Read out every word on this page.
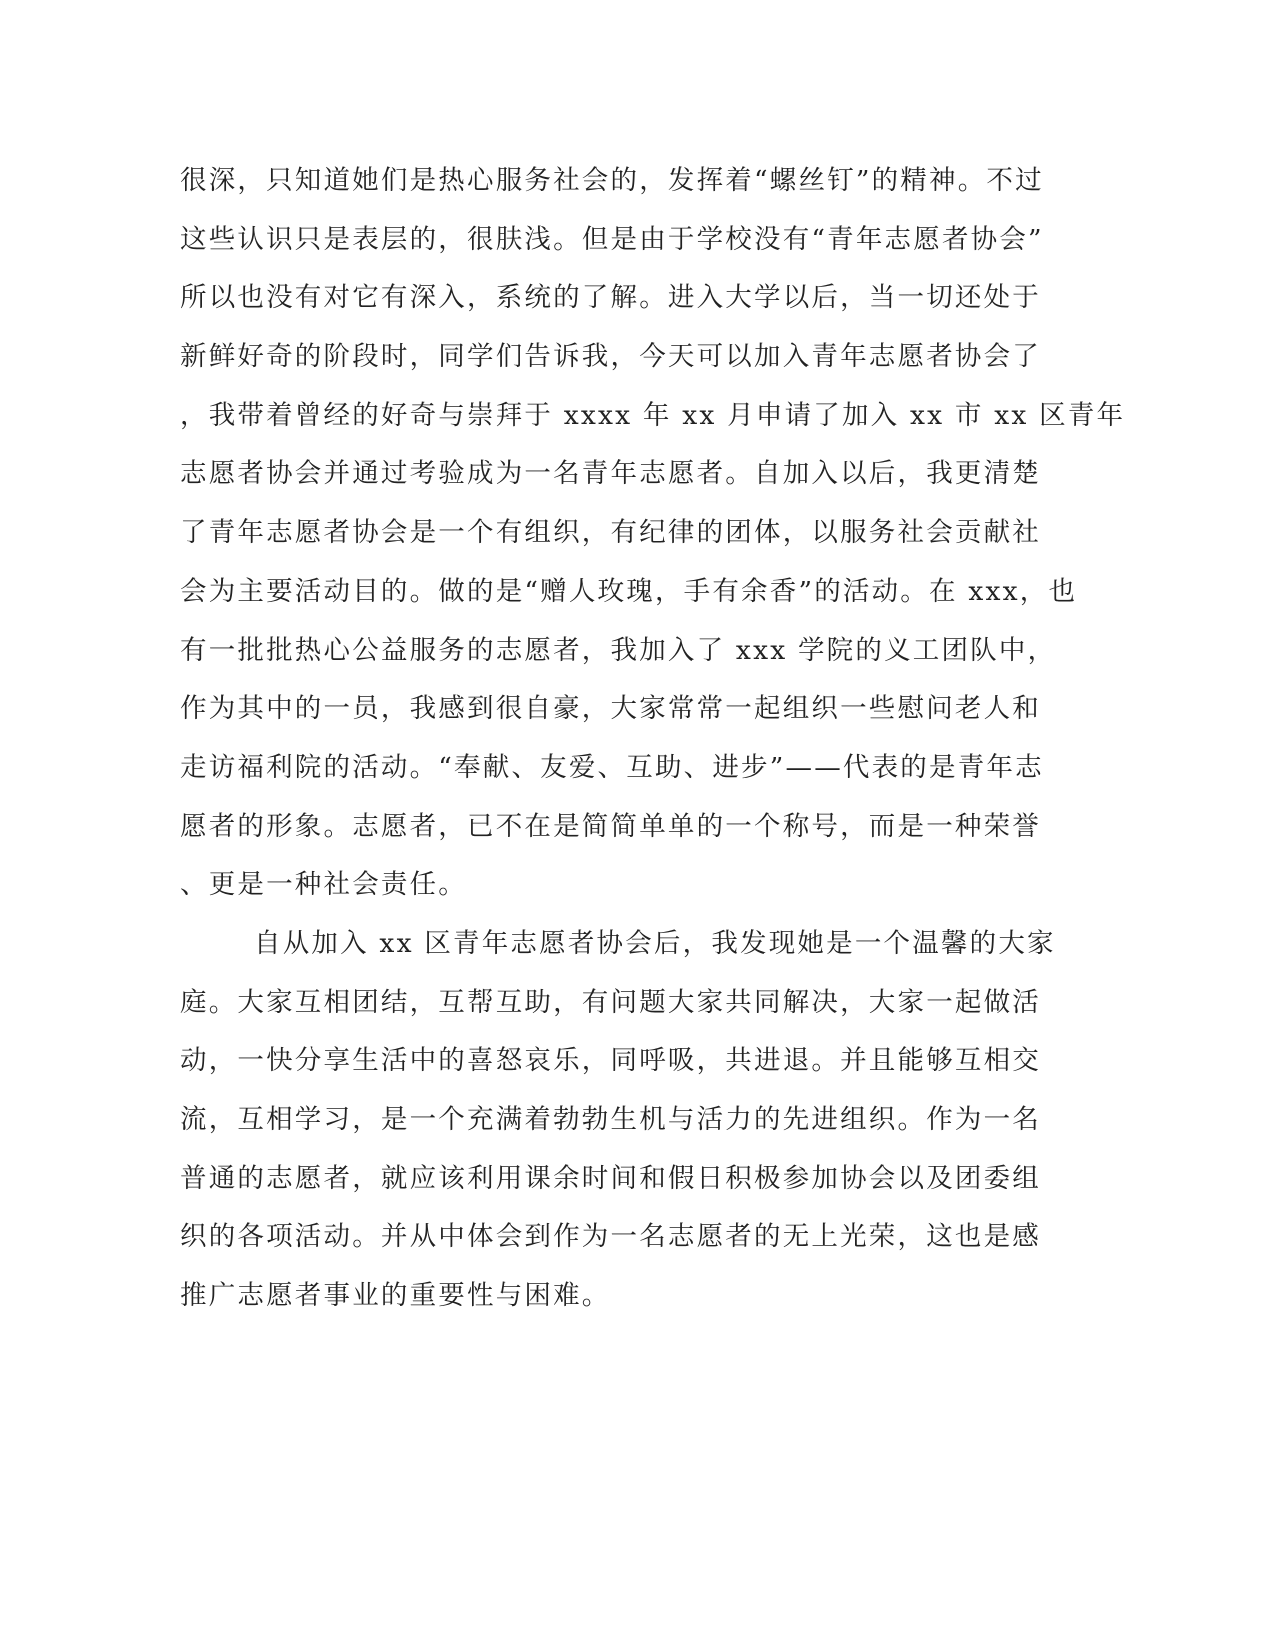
很深，只知道她们是热心服务社会的，发挥着“螺丝钉”的精神。不过
这些认识只是表层的，很肤浅。但是由于学校没有“青年志愿者协会”
所以也没有对它有深入，系统的了解。进入大学以后，当一切还处于
新鲜好奇的阶段时，同学们告诉我，今天可以加入青年志愿者协会了
，我带着曾经的好奇与崇拜于 xxxx 年 xx 月申请了加入 xx 市 xx 区青年
志愿者协会并通过考验成为一名青年志愿者。自加入以后，我更清楚
了青年志愿者协会是一个有组织，有纪律的团体，以服务社会贡献社
会为主要活动目的。做的是“赠人玫瑰，手有余香”的活动。在 xxx，也
有一批批热心公益服务的志愿者，我加入了 xxx 学院的义工团队中，
作为其中的一员，我感到很自豪，大家常常一起组织一些慰问老人和
走访福利院的活动。“奉献、友爱、互助、进步”——代表的是青年志
愿者的形象。志愿者，已不在是简简单单的一个称号，而是一种荣誉
、更是一种社会责任。
自从加入 xx 区青年志愿者协会后，我发现她是一个温馨的大家
庭。大家互相团结，互帮互助，有问题大家共同解决，大家一起做活
动，一快分享生活中的喜怒哀乐，同呼吸，共进退。并且能够互相交
流，互相学习，是一个充满着勃勃生机与活力的先进组织。作为一名
普通的志愿者，就应该利用课余时间和假日积极参加协会以及团委组
织的各项活动。并从中体会到作为一名志愿者的无上光荣，这也是感
推广志愿者事业的重要性与困难。
